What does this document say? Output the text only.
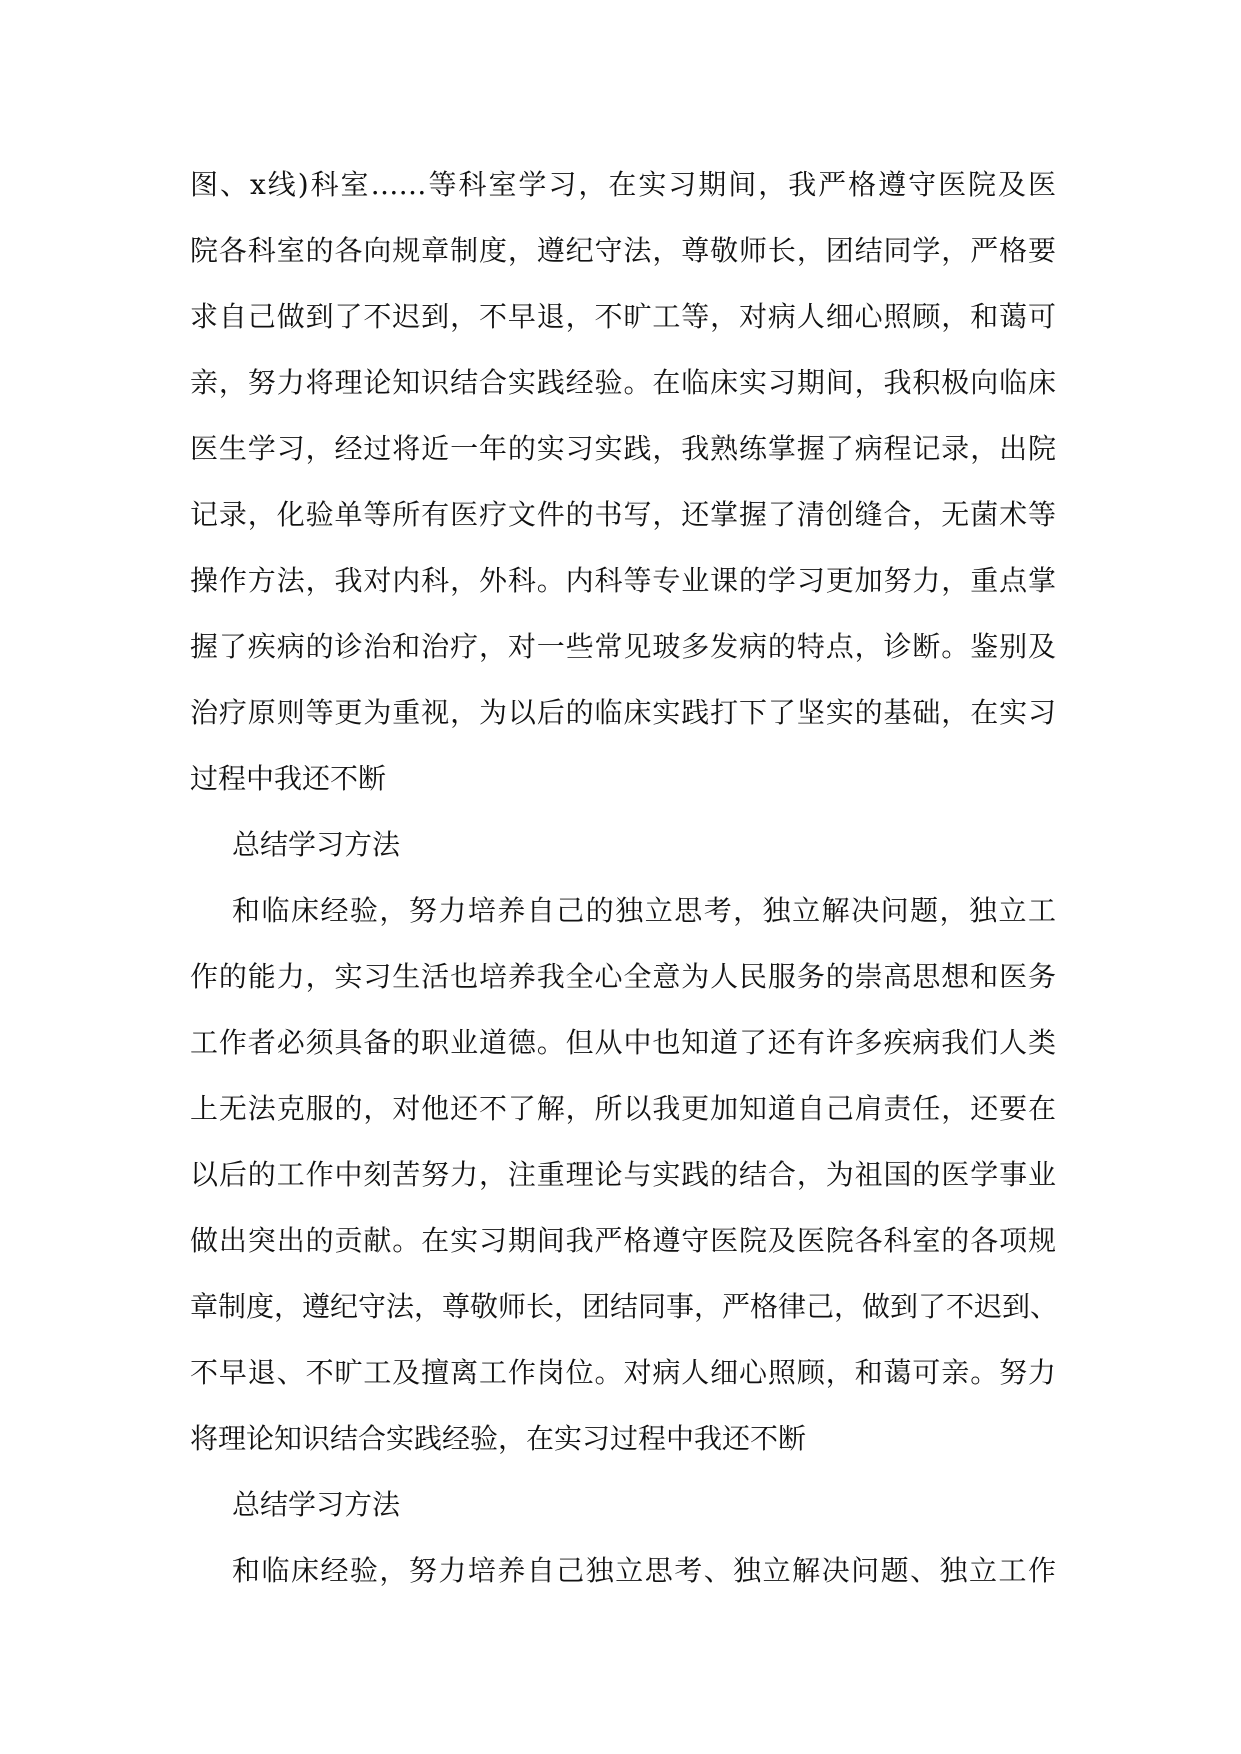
图、x线)科室……等科室学习，在实习期间，我严格遵守医院及医
院各科室的各向规章制度，遵纪守法，尊敬师长，团结同学，严格要
求自己做到了不迟到，不早退，不旷工等，对病人细心照顾，和蔼可
亲，努力将理论知识结合实践经验。在临床实习期间，我积极向临床
医生学习，经过将近一年的实习实践，我熟练掌握了病程记录，出院
记录，化验单等所有医疗文件的书写，还掌握了清创缝合，无菌术等
操作方法，我对内科，外科。内科等专业课的学习更加努力，重点掌
握了疾病的诊治和治疗，对一些常见玻多发病的特点，诊断。鉴别及
治疗原则等更为重视，为以后的临床实践打下了坚实的基础，在实习
过程中我还不断
总结学习方法
和临床经验，努力培养自己的独立思考，独立解决问题，独立工
作的能力，实习生活也培养我全心全意为人民服务的崇高思想和医务
工作者必须具备的职业道德。但从中也知道了还有许多疾病我们人类
上无法克服的，对他还不了解，所以我更加知道自己肩责任，还要在
以后的工作中刻苦努力，注重理论与实践的结合，为祖国的医学事业
做出突出的贡献。在实习期间我严格遵守医院及医院各科室的各项规
章制度，遵纪守法，尊敬师长，团结同事，严格律己，做到了不迟到、
不早退、不旷工及擅离工作岗位。对病人细心照顾，和蔼可亲。努力
将理论知识结合实践经验，在实习过程中我还不断
总结学习方法
和临床经验，努力培养自己独立思考、独立解决问题、独立工作
